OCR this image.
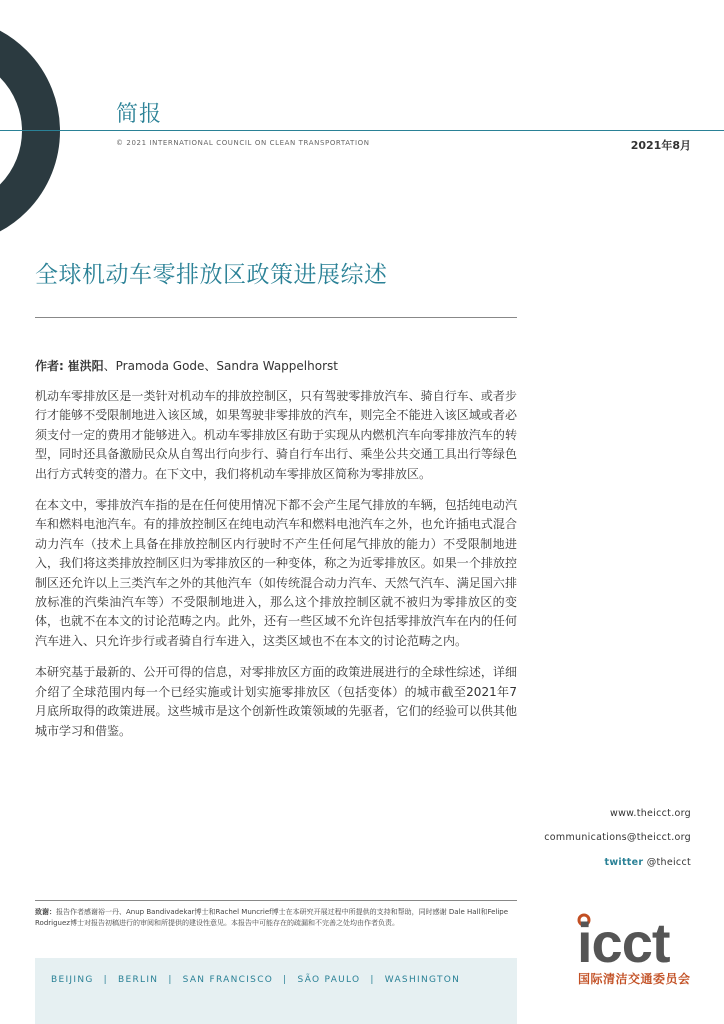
简报
© 2021 INTERNATIONAL COUNCIL ON CLEAN TRANSPORTATION	2021年8月
全球机动车零排放区政策进展综述
作者: 崔洪阳、Pramoda Gode、Sandra Wappelhorst

机动车零排放区是一类针对机动车的排放控制区，只有驾驶零排放汽车、骑自行车、或者步行才能够不受限制地进入该区域，如果驾驶非零排放的汽车，则完全不能进入该区域或者必须支付一定的费用才能够进入。机动车零排放区有助于实现从内燃机汽车向零排放汽车的转型，同时还具备激励民众从自驾出行向步行、骑自行车出行、乘坐公共交通工具出行等绿色出行方式转变的潜力。在下文中，我们将机动车零排放区简称为零排放区。

在本文中，零排放汽车指的是在任何使用情况下都不会产生尾气排放的车辆，包括纯电动汽车和燃料电池汽车。有的排放控制区在纯电动汽车和燃料电池汽车之外，也允许插电式混合动力汽车（技术上具备在排放控制区内行驶时不产生任何尾气排放的能力）不受限制地进入，我们将这类排放控制区归为零排放区的一种变体，称之为近零排放区。如果一个排放控制区还允许以上三类汽车之外的其他汽车（如传统混合动力汽车、天然气汽车、满足国六排放标准的汽柴油汽车等）不受限制地进入，那么这个排放控制区就不被归为零排放区的变体，也就不在本文的讨论范畴之内。此外，还有一些区域不允许包括零排放汽车在内的任何汽车进入、只允许步行或者骑自行车进入，这类区域也不在本文的讨论范畴之内。

本研究基于最新的、公开可得的信息，对零排放区方面的政策进展进行的全球性综述，详细介绍了全球范围内每一个已经实施或计划实施零排放区（包括变体）的城市截至2021年7月底所取得的政策进展。这些城市是这个创新性政策领域的先驱者，它们的经验可以供其他城市学习和借鉴。

www.theicct.org
communications@theicct.org
twitter @theicct
致谢：报告作者感谢裕一丹、Anup Bandivadekar博士和Rachel Muncrief博士在本研究开展过程中所提供的支持和帮助，同时感谢 Dale Hall和Felipe Rodriguez博士对报告初稿进行的审阅和所提供的建设性意见。本报告中可能存在的疏漏和不完善之处均由作者负责。
BEIJING | BERLIN | SAN FRANCISCO | SÃO PAULO | WASHINGTON
icct
国际清洁交通委员会
